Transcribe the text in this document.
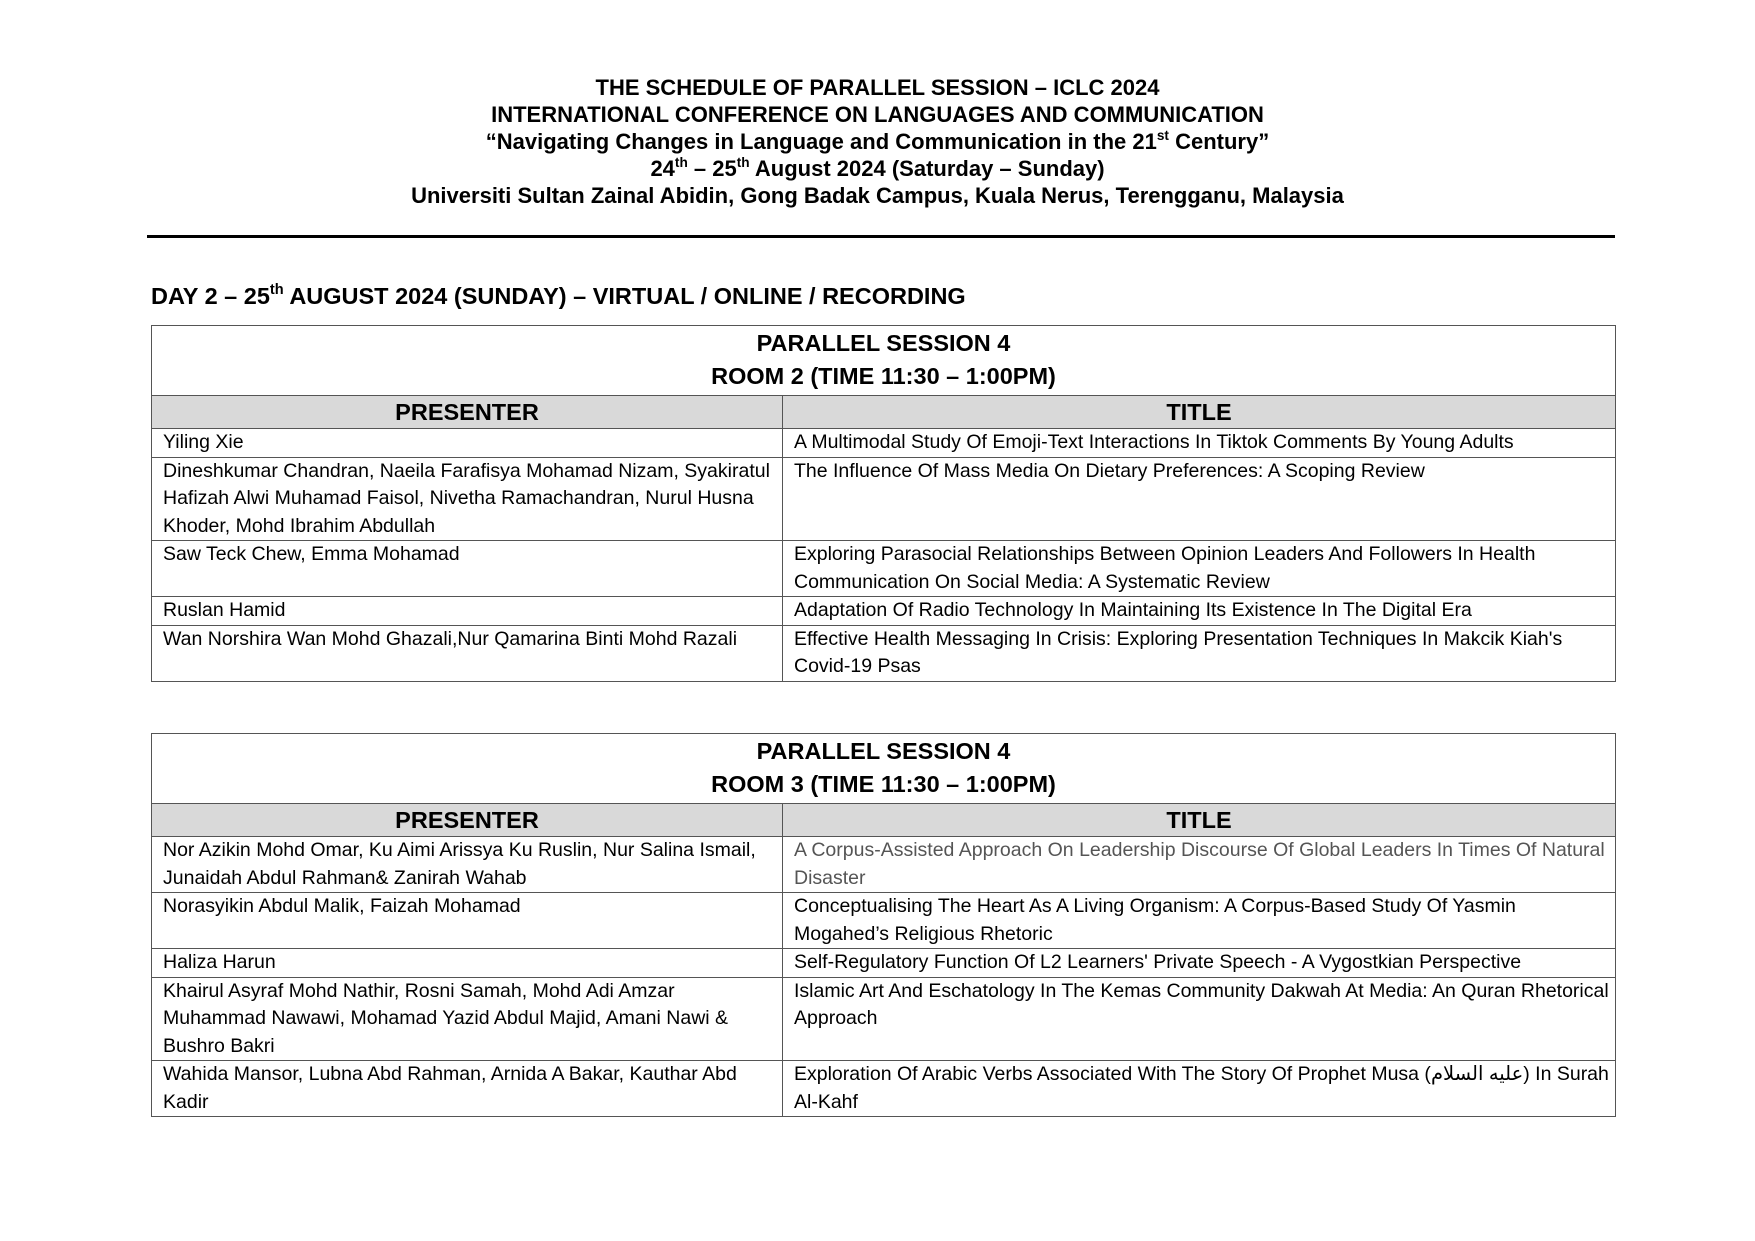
THE SCHEDULE OF PARALLEL SESSION – ICLC 2024
INTERNATIONAL CONFERENCE ON LANGUAGES AND COMMUNICATION
“Navigating Changes in Language and Communication in the 21st Century”
24th – 25th August 2024 (Saturday – Sunday)
Universiti Sultan Zainal Abidin, Gong Badak Campus, Kuala Nerus, Terengganu, Malaysia
DAY 2 – 25th AUGUST 2024 (SUNDAY) – VIRTUAL / ONLINE / RECORDING
PARALLEL SESSION 4
ROOM 2 (TIME 11:30 – 1:00PM)	

PRESENTER	TITLE
Yiling Xie	A Multimodal Study Of Emoji-Text Interactions In Tiktok Comments By Young Adults
Dineshkumar Chandran, Naeila Farafisya Mohamad Nizam, Syakiratul Hafizah Alwi Muhamad Faisol, Nivetha Ramachandran, Nurul Husna Khoder, Mohd Ibrahim Abdullah	The Influence Of Mass Media On Dietary Preferences: A Scoping Review
Saw Teck Chew, Emma Mohamad	Exploring Parasocial Relationships Between Opinion Leaders And Followers In Health Communication On Social Media: A Systematic Review
Ruslan Hamid	Adaptation Of Radio Technology In Maintaining Its Existence In The Digital Era
Wan Norshira Wan Mohd Ghazali,Nur Qamarina Binti Mohd Razali	Effective Health Messaging In Crisis: Exploring Presentation Techniques In Makcik Kiah's Covid-19 Psas
PARALLEL SESSION 4
ROOM 3 (TIME 11:30 – 1:00PM)	

PRESENTER	TITLE
Nor Azikin Mohd Omar, Ku Aimi Arissya Ku Ruslin, Nur Salina Ismail, Junaidah Abdul Rahman& Zanirah Wahab	A Corpus-Assisted Approach On Leadership Discourse Of Global Leaders In Times Of Natural Disaster
Norasyikin Abdul Malik, Faizah Mohamad	Conceptualising The Heart As A Living Organism: A Corpus-Based Study Of Yasmin Mogahed’s Religious Rhetoric
Haliza Harun	Self-Regulatory Function Of L2 Learners' Private Speech - A Vygostkian Perspective
Khairul Asyraf Mohd Nathir, Rosni Samah, Mohd Adi Amzar Muhammad Nawawi, Mohamad Yazid Abdul Majid, Amani Nawi & Bushro Bakri	Islamic Art And Eschatology In The Kemas Community Dakwah At Media: An Quran Rhetorical Approach
Wahida Mansor, Lubna Abd Rahman, Arnida A Bakar, Kauthar Abd Kadir	Exploration Of Arabic Verbs Associated With The Story Of Prophet Musa (عليه السلام) In Surah Al-Kahf
